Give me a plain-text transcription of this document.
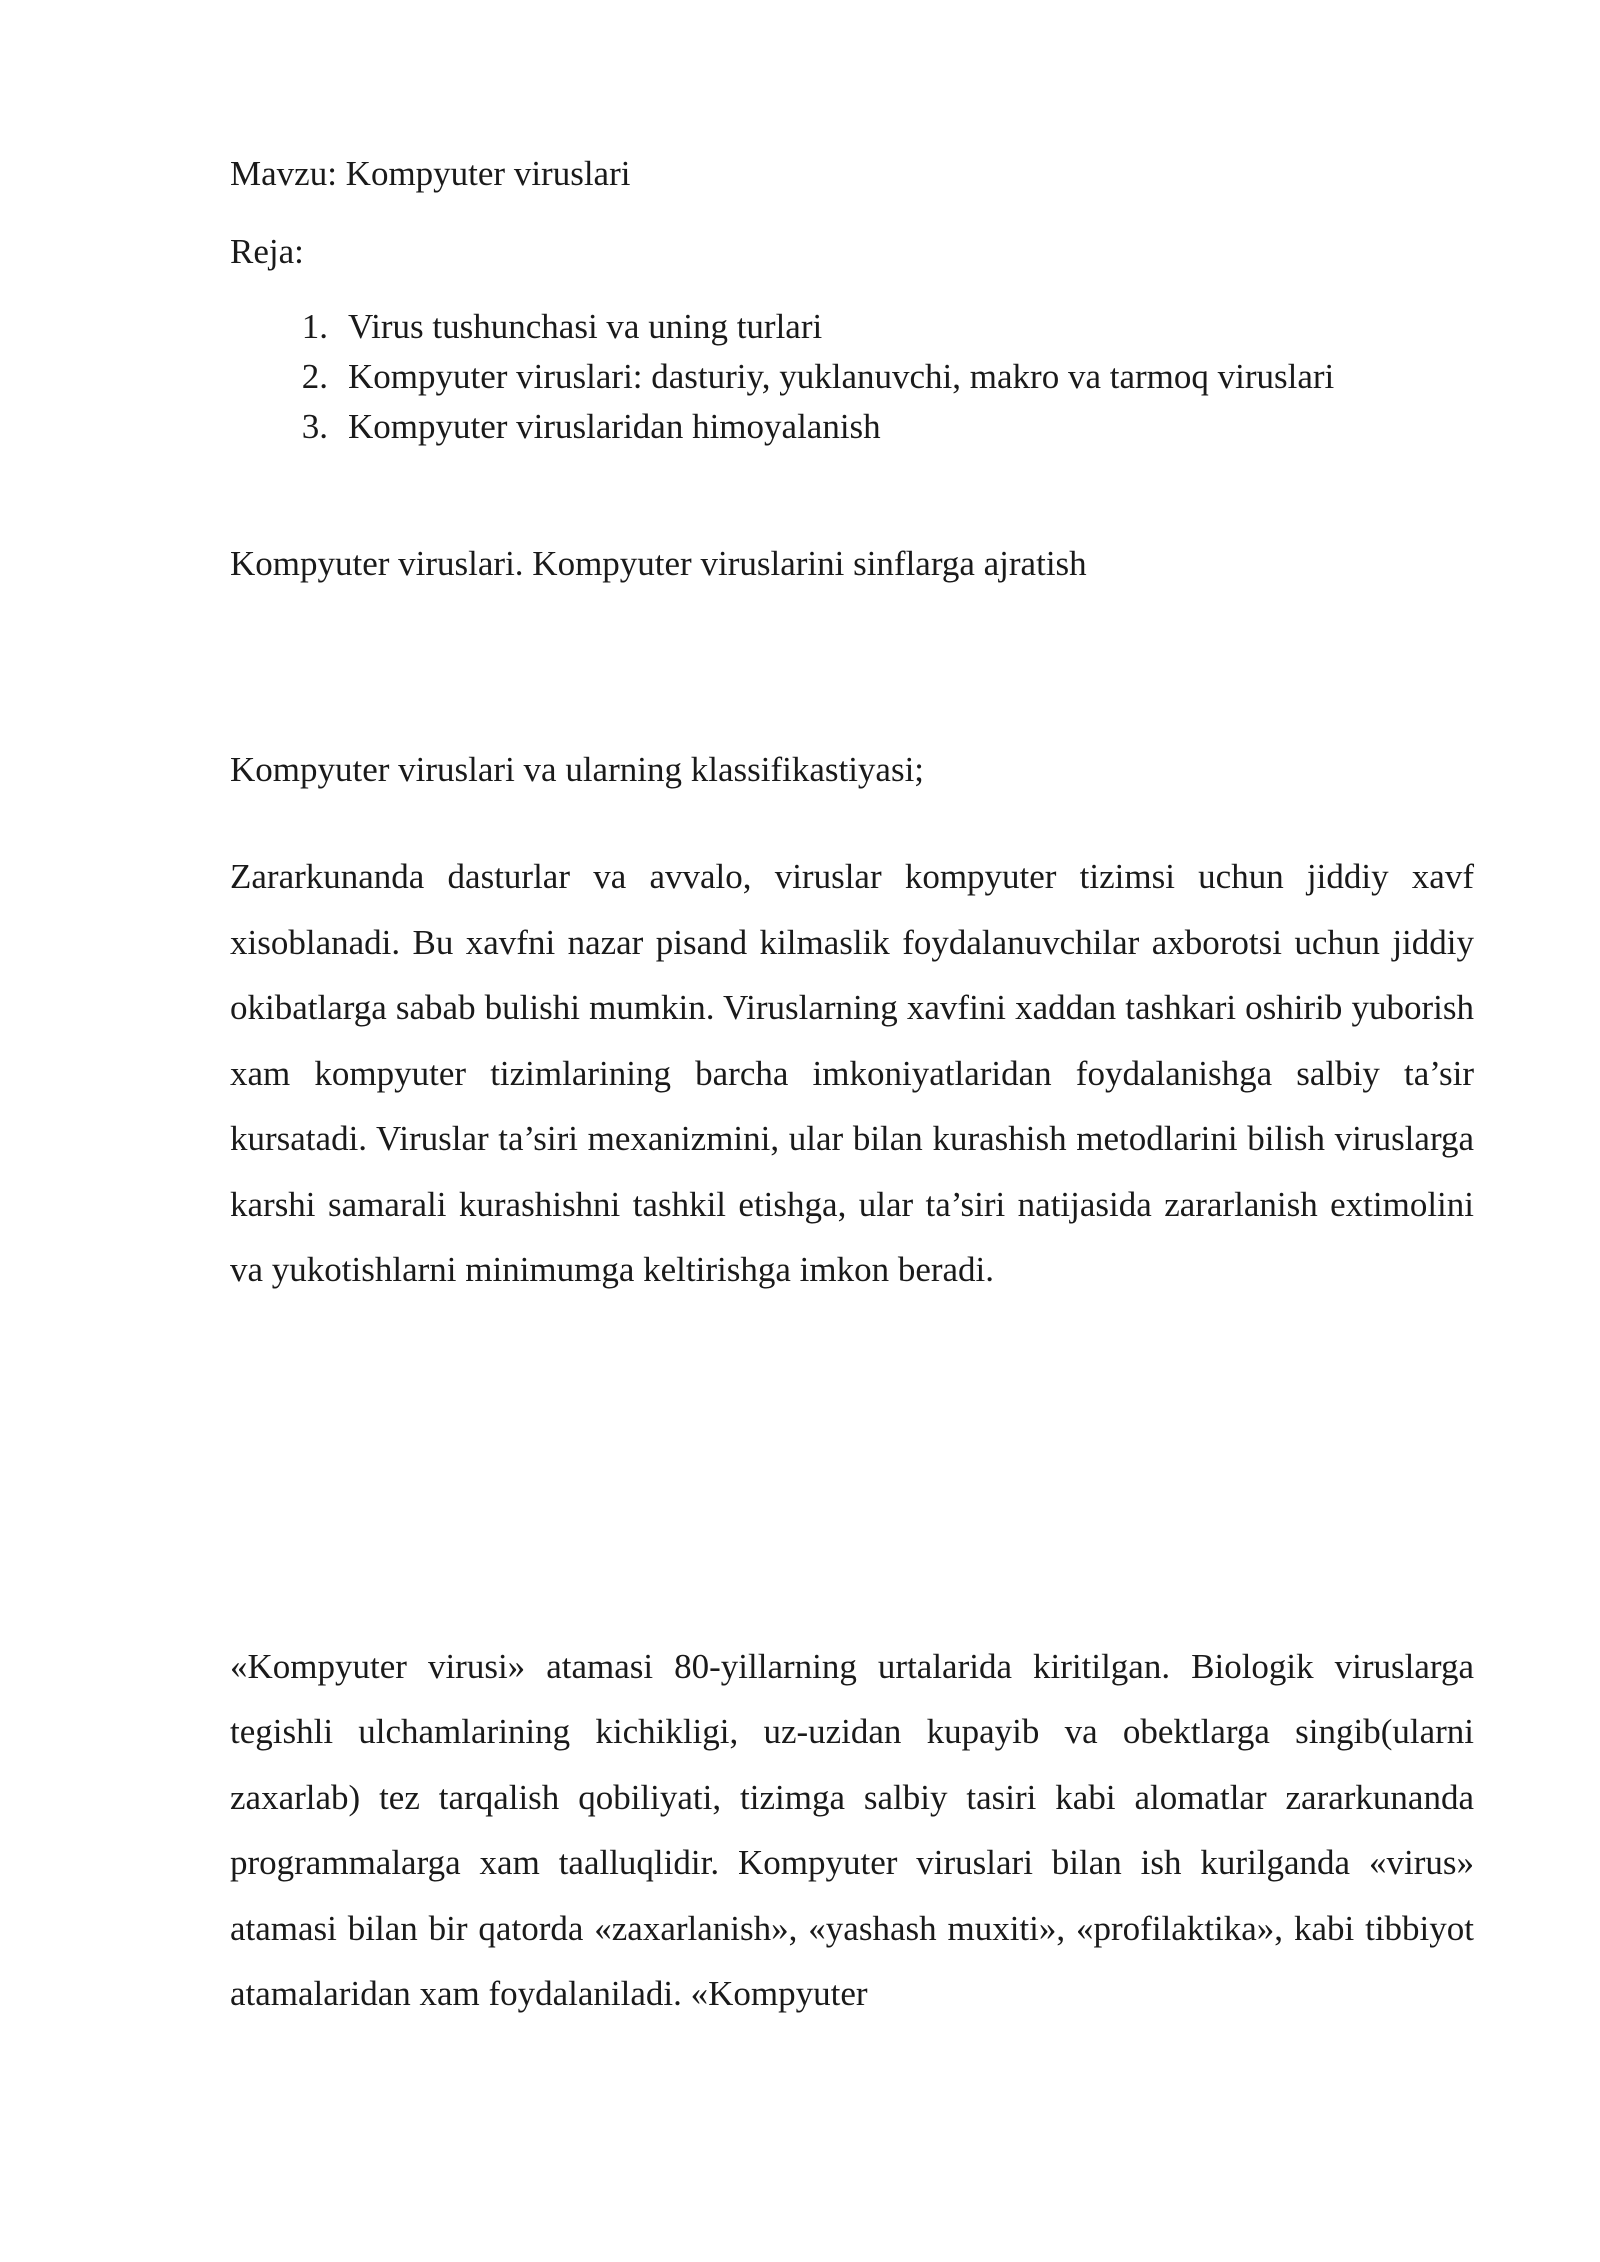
Mavzu: Kompyuter viruslari

Reja:

1. Virus tushunchasi va uning turlari
2. Kompyuter viruslari: dasturiy, yuklanuvchi, makro va tarmoq viruslari
3. Kompyuter viruslaridan himoyalanish

Kompyuter viruslari. Kompyuter viruslarini sinflarga ajratish

Kompyuter viruslari va ularning klassifikastiyasi;

Zararkunanda dasturlar va avvalo, viruslar kompyuter tizimsi uchun jiddiy xavf xisoblanadi. Bu xavfni nazar pisand kilmaslik foydalanuvchilar axborotsi uchun jiddiy okibatlarga sabab bulishi mumkin. Viruslarning xavfini xaddan tashkari oshirib yuborish xam kompyuter tizimlarining barcha imkoniyatlaridan foydalanishga salbiy ta’sir kursatadi. Viruslar ta’siri mexanizmini, ular bilan kurashish metodlarini bilish viruslarga karshi samarali kurashishni tashkil etishga, ular ta’siri natijasida zararlanish extimolini va yukotishlarni minimumga keltirishga imkon beradi.

«Kompyuter virusi» atamasi 80-yillarning urtalarida kiritilgan. Biologik viruslarga tegishli ulchamlarining kichikligi, uz-uzidan kupayib va obektlarga singib(ularni zaxarlab) tez tarqalish qobiliyati, tizimga salbiy tasiri kabi alomatlar zararkunanda programmalarga xam taalluqlidir. Kompyuter viruslari bilan ish kurilganda «virus» atamasi bilan bir qatorda «zaxarlanish», «yashash muxiti», «profilaktika», kabi tibbiyot atamalaridan xam foydalaniladi. «Kompyuter
